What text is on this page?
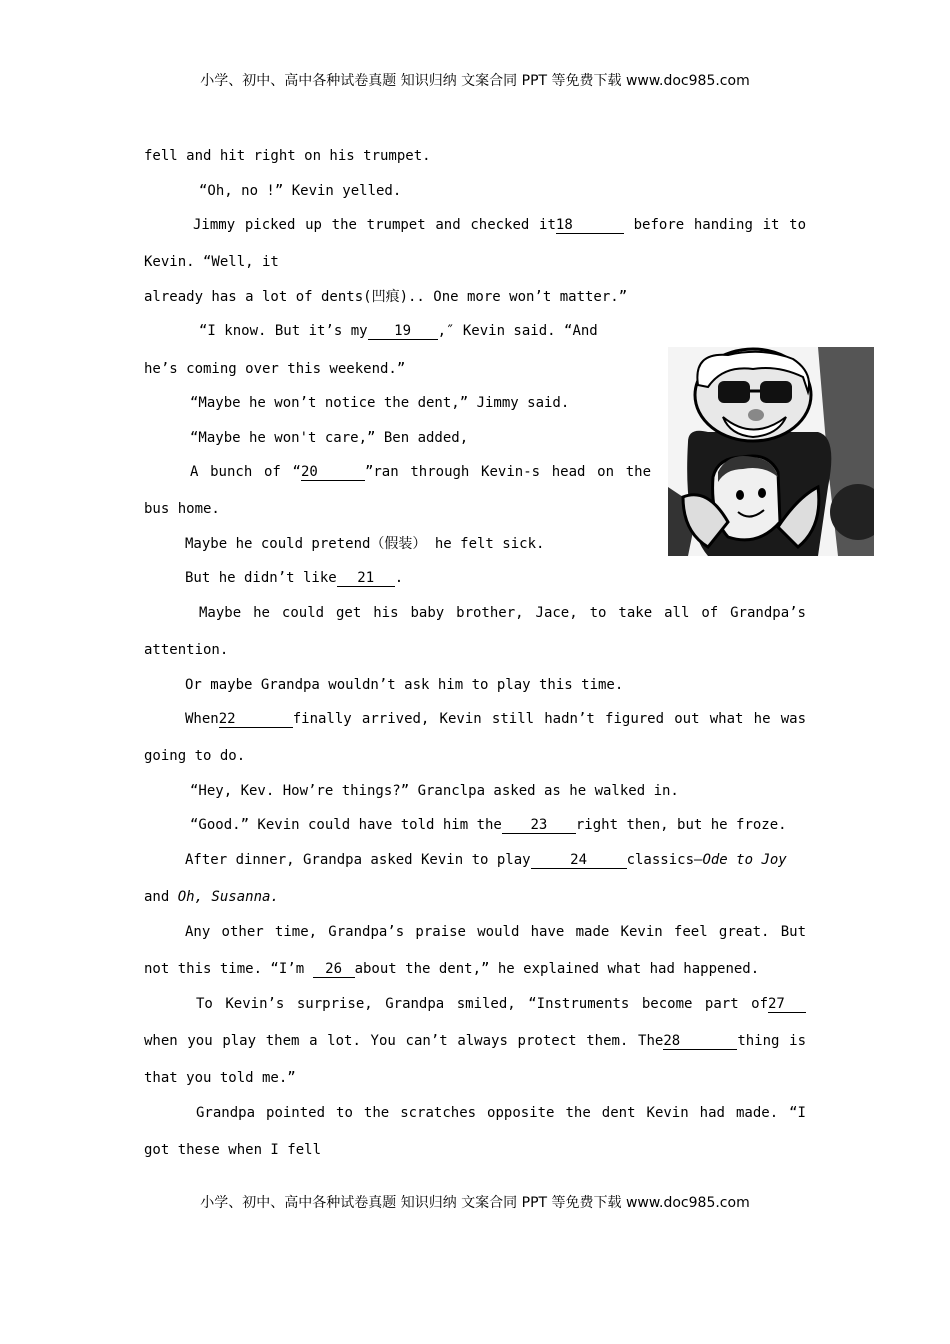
小学、初中、高中各种试卷真题 知识归纳 文案合同 PPT 等免费下载 www.doc985.com
fell and hit right on his trumpet.
“Oh, no !” Kevin yelled.
Jimmy picked up the trumpet and checked it18	before handing it to
Kevin. “Well, it
already has a lot of dents(凹痕).. One more won’t matter.”
“I know. But it’s my 19 ,″ Kevin said. “And
he’s coming over this weekend.”
“Maybe he won’t notice the dent,” Jimmy said.
“Maybe he won't care,” Ben added,
A bunch of “20	”ran through Kevin-s head on the
bus home.
Maybe he could pretend（假装） he felt sick.
But he didn’t like 21 .
Maybe he could get his baby brother, Jace, to take all of Grandpa’s
attention.
Or maybe Grandpa wouldn’t ask him to play this time.
When22	finally arrived, Kevin still hadn’t figured out what he was
going to do.
“Hey, Kev. How’re things?” Granclpa asked as he walked in.
“Good.” Kevin could have told him the 23 right then, but he froze.
After dinner, Grandpa asked Kevin to play	24	classics—Ode to Joy
and Oh, Susanna.
Any other time, Grandpa’s praise would have made Kevin feel great. But
not this time. “I’m 26 about the dent,” he explained what had happened.
To Kevin’s surprise, Grandpa smiled, “Instruments become part of27
when you play them a lot. You can’t always protect them. The28	thing is
that you told me.”
Grandpa pointed to the scratches opposite the dent Kevin had made. “I
got these when I fell
小学、初中、高中各种试卷真题 知识归纳 文案合同 PPT 等免费下载 www.doc985.com
